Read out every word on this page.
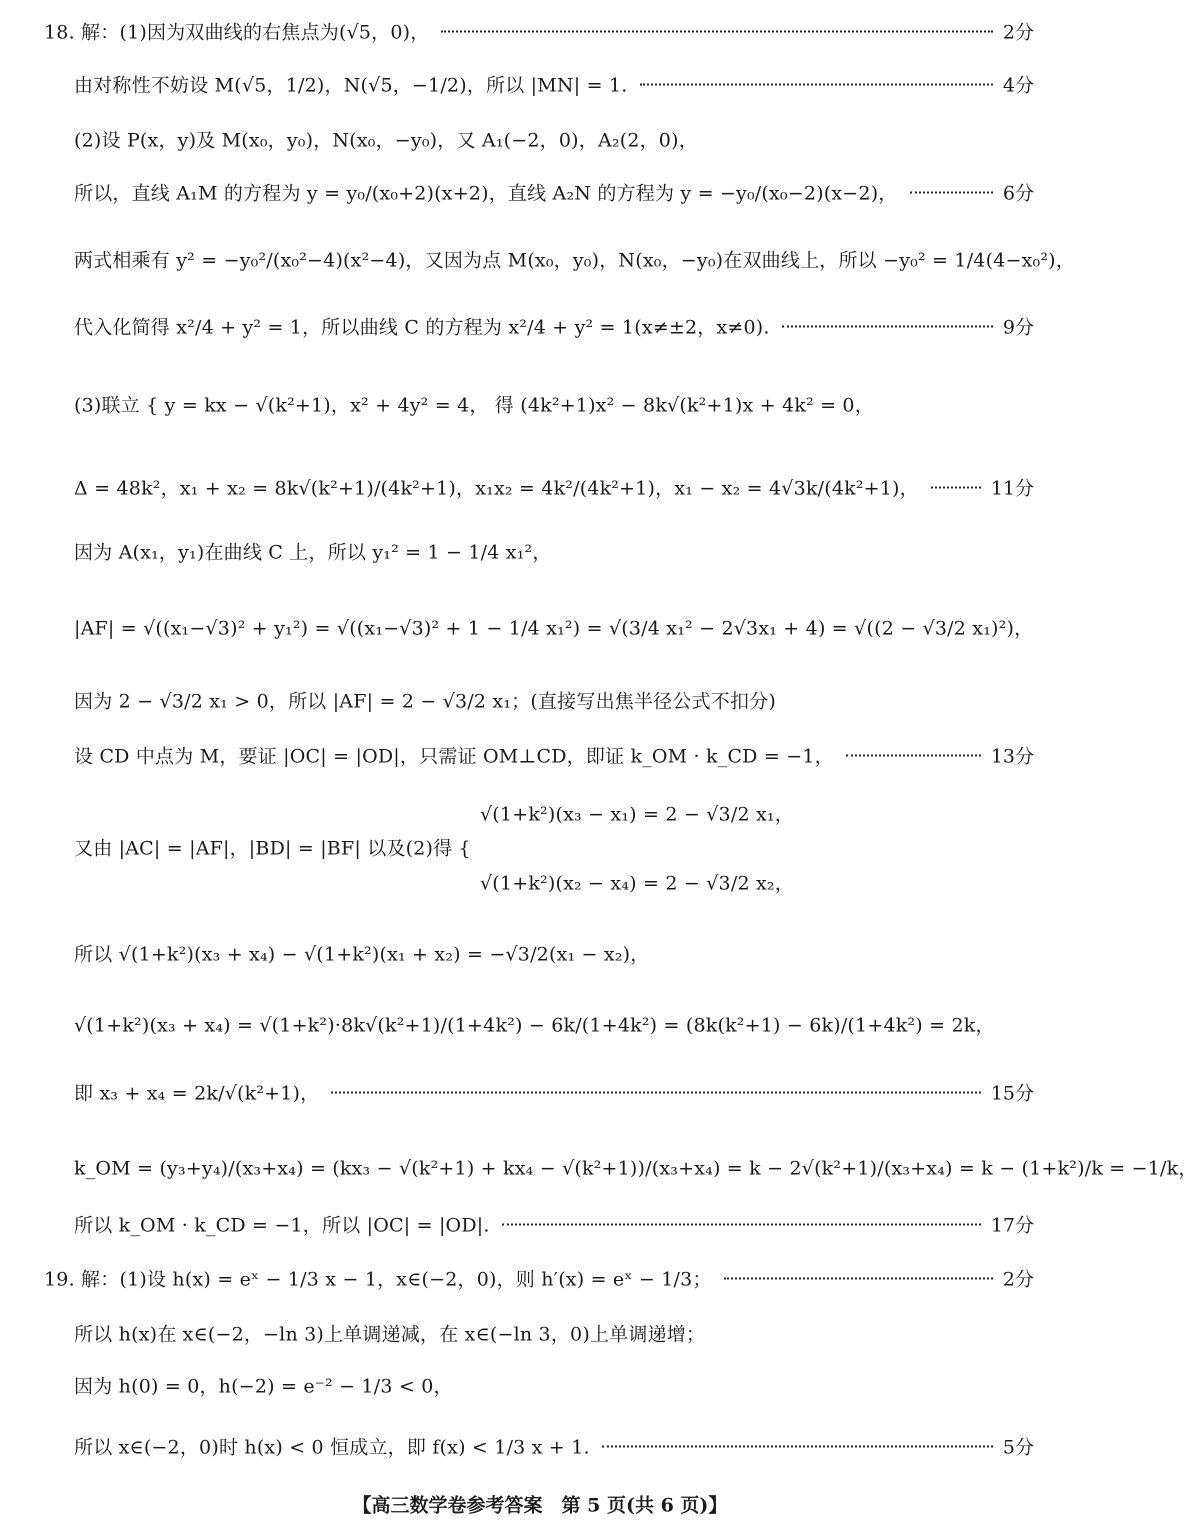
18. 解：(1)因为双曲线的右焦点为(√5，0)，	2分
由对称性不妨设 M(√5，1/2)，N(√5，−1/2)，所以 |MN| = 1.	4分
(2)设 P(x，y)及 M(x₀，y₀)，N(x₀，−y₀)，又 A₁(−2，0)，A₂(2，0)，
所以，直线 A₁M 的方程为 y = y₀/(x₀+2)(x+2)，直线 A₂N 的方程为 y = −y₀/(x₀−2)(x−2)，	6分
两式相乘有 y² = −y₀²/(x₀²−4)(x²−4)，又因为点 M(x₀，y₀)，N(x₀，−y₀)在双曲线上，所以 −y₀² = 1/4(4−x₀²)，
代入化简得 x²/4 + y² = 1，所以曲线 C 的方程为 x²/4 + y² = 1(x≠±2，x≠0).	9分
(3)联立 { y = kx − √(k²+1)，x² + 4y² = 4， 得 (4k²+1)x² − 8k√(k²+1)x + 4k² = 0，
Δ = 48k²，x₁ + x₂ = 8k√(k²+1)/(4k²+1)，x₁x₂ = 4k²/(4k²+1)，x₁ − x₂ = 4√3k/(4k²+1)，	11分
因为 A(x₁，y₁)在曲线 C 上，所以 y₁² = 1 − 1/4 x₁²，
|AF| = √((x₁−√3)² + y₁²) = √((x₁−√3)² + 1 − 1/4 x₁²) = √(3/4 x₁² − 2√3x₁ + 4) = √((2 − √3/2 x₁)²)，
因为 2 − √3/2 x₁ > 0，所以 |AF| = 2 − √3/2 x₁；(直接写出焦半径公式不扣分)
设 CD 中点为 M，要证 |OC| = |OD|，只需证 OM⊥CD，即证 k_OM · k_CD = −1，	13分
√(1+k²)(x₃ − x₁) = 2 − √3/2 x₁，
又由 |AC| = |AF|，|BD| = |BF| 以及(2)得 {
√(1+k²)(x₂ − x₄) = 2 − √3/2 x₂，
所以 √(1+k²)(x₃ + x₄) − √(1+k²)(x₁ + x₂) = −√3/2(x₁ − x₂)，
√(1+k²)(x₃ + x₄) = √(1+k²)·8k√(k²+1)/(1+4k²) − 6k/(1+4k²) = (8k(k²+1) − 6k)/(1+4k²) = 2k，
即 x₃ + x₄ = 2k/√(k²+1)，	15分
k_OM = (y₃+y₄)/(x₃+x₄) = (kx₃ − √(k²+1) + kx₄ − √(k²+1))/(x₃+x₄) = k − 2√(k²+1)/(x₃+x₄) = k − (1+k²)/k = −1/k，
所以 k_OM · k_CD = −1，所以 |OC| = |OD|.	17分
19. 解：(1)设 h(x) = eˣ − 1/3 x − 1，x∈(−2，0)，则 h′(x) = eˣ − 1/3；	2分
所以 h(x)在 x∈(−2，−ln 3)上单调递减，在 x∈(−ln 3，0)上单调递增；
因为 h(0) = 0，h(−2) = e⁻² − 1/3 < 0，
所以 x∈(−2，0)时 h(x) < 0 恒成立，即 f(x) < 1/3 x + 1.	5分
【高三数学卷参考答案　第 5 页(共 6 页)】
